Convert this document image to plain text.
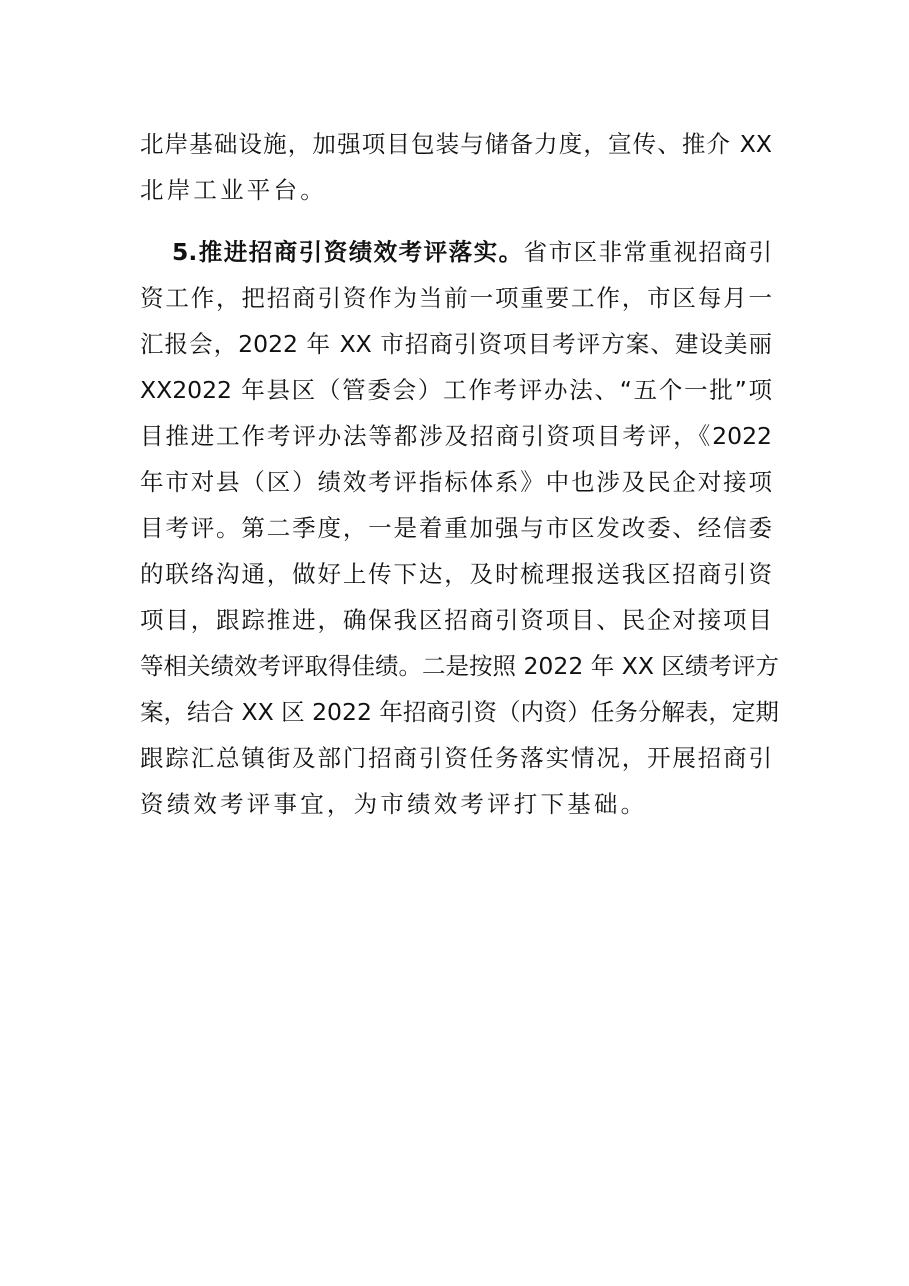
北岸基础设施，加强项目包装与储备力度，宣传、推介 XX
北岸工业平台。
5.推进招商引资绩效考评落实。省市区非常重视招商引
资工作，把招商引资作为当前一项重要工作，市区每月一
汇报会，2022 年 XX 市招商引资项目考评方案、建设美丽
XX2022 年县区（管委会）工作考评办法、“五个一批”项
目推进工作考评办法等都涉及招商引资项目考评，《2022
年市对县（区）绩效考评指标体系》中也涉及民企对接项
目考评。第二季度，一是着重加强与市区发改委、经信委
的联络沟通，做好上传下达，及时梳理报送我区招商引资
项目，跟踪推进，确保我区招商引资项目、民企对接项目
等相关绩效考评取得佳绩。二是按照 2022 年 XX 区绩考评方
案，结合 XX 区 2022 年招商引资（内资）任务分解表，定期
跟踪汇总镇街及部门招商引资任务落实情况，开展招商引
资绩效考评事宜，为市绩效考评打下基础。
